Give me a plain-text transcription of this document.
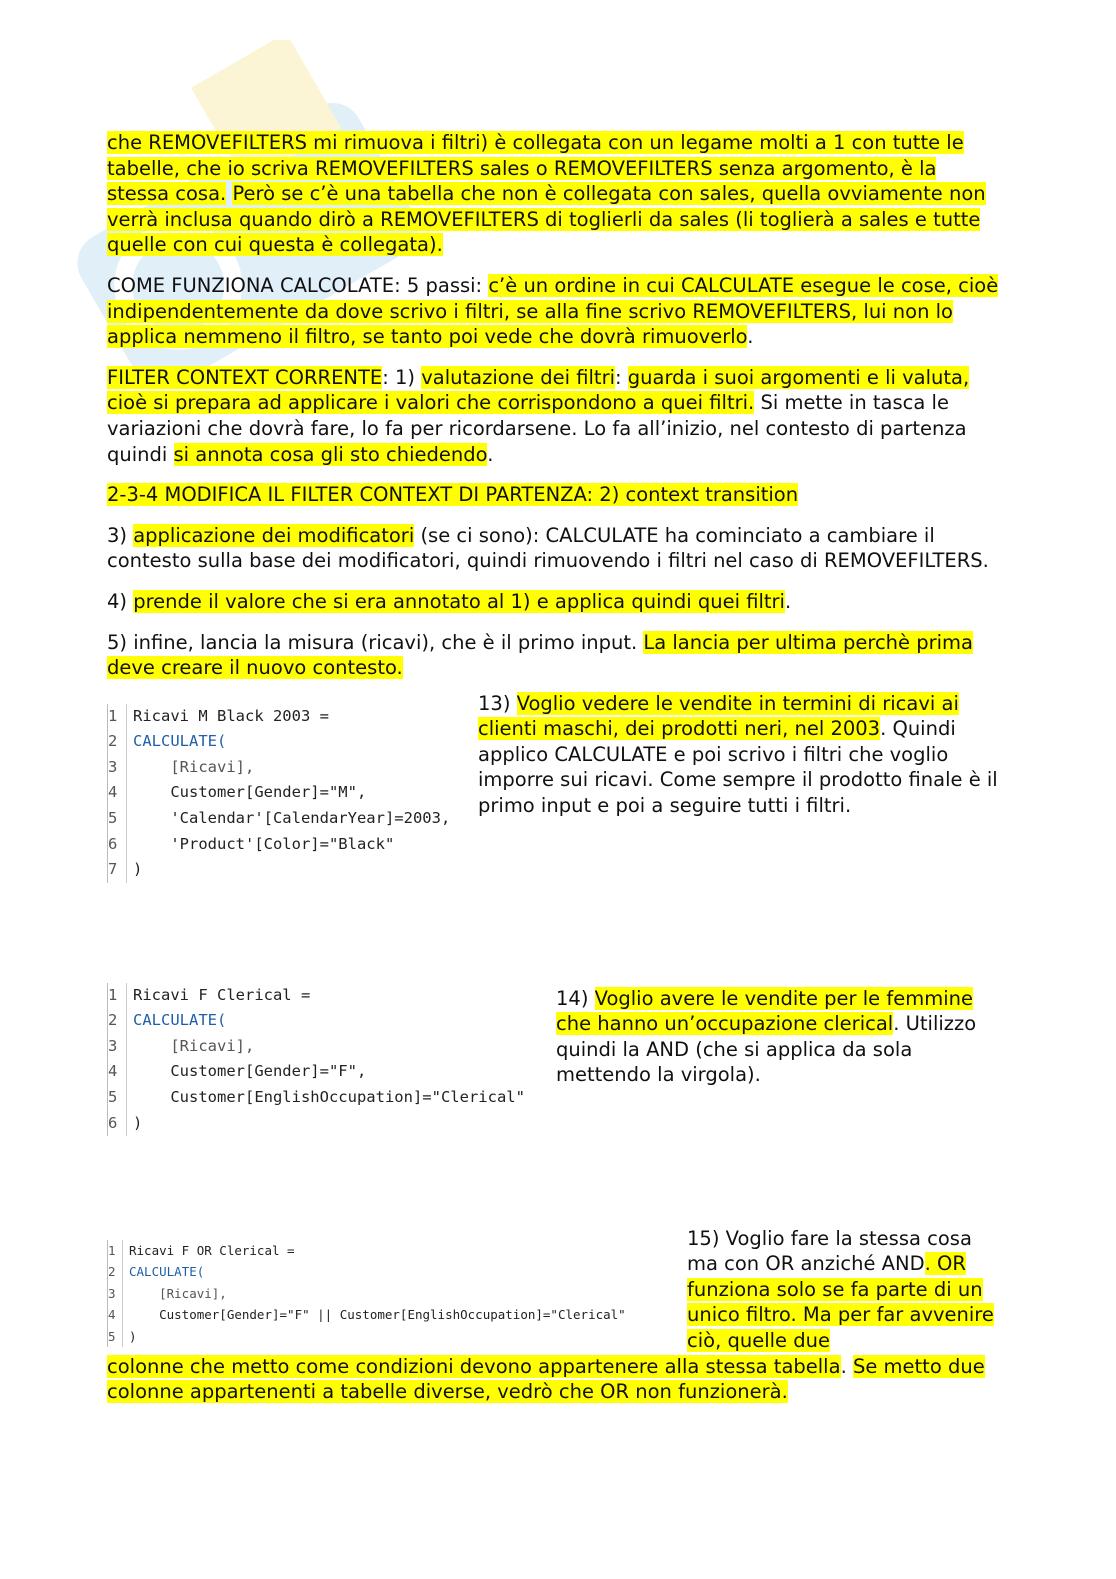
che REMOVEFILTERS mi rimuova i filtri) è collegata con un legame molti a 1 con tutte le tabelle, che io scriva REMOVEFILTERS sales o REMOVEFILTERS senza argomento, è la stessa cosa. Però se c’è una tabella che non è collegata con sales, quella ovviamente non verrà inclusa quando dirò a REMOVEFILTERS di toglierli da sales (li toglierà a sales e tutte quelle con cui questa è collegata).

COME FUNZIONA CALCOLATE: 5 passi: c’è un ordine in cui CALCULATE esegue le cose, cioè indipendentemente da dove scrivo i filtri, se alla fine scrivo REMOVEFILTERS, lui non lo applica nemmeno il filtro, se tanto poi vede che dovrà rimuoverlo.

FILTER CONTEXT CORRENTE: 1) valutazione dei filtri: guarda i suoi argomenti e li valuta, cioè si prepara ad applicare i valori che corrispondono a quei filtri. Si mette in tasca le variazioni che dovrà fare, lo fa per ricordarsene. Lo fa all’inizio, nel contesto di partenza quindi si annota cosa gli sto chiedendo.

2-3-4 MODIFICA IL FILTER CONTEXT DI PARTENZA: 2) context transition

3) applicazione dei modificatori (se ci sono): CALCULATE ha cominciato a cambiare il contesto sulla base dei modificatori, quindi rimuovendo i filtri nel caso di REMOVEFILTERS.

4) prende il valore che si era annotato al 1) e applica quindi quei filtri.

5) infine, lancia la misura (ricavi), che è il primo input. La lancia per ultima perchè prima deve creare il nuovo contesto.

1 Ricavi M Black 2003 =
2 CALCULATE(
3    [Ricavi],
4    Customer[Gender]="M",
5    'Calendar'[CalendarYear]=2003,
6    'Product'[Color]="Black"
7 )
13) Voglio vedere le vendite in termini di ricavi ai clienti maschi, dei prodotti neri, nel 2003. Quindi applico CALCULATE e poi scrivo i filtri che voglio imporre sui ricavi. Come sempre il prodotto finale è il primo input e poi a seguire tutti i filtri.
1 Ricavi F Clerical =
2 CALCULATE(
3    [Ricavi],
4    Customer[Gender]="F",
5    Customer[EnglishOccupation]="Clerical"
6 )
14) Voglio avere le vendite per le femmine che hanno un’occupazione clerical. Utilizzo quindi la AND (che si applica da sola mettendo la virgola).
1 Ricavi F OR Clerical =
2 CALCULATE(
3    [Ricavi],
4    Customer[Gender]="F" || Customer[EnglishOccupation]="Clerical"
5 )
15) Voglio fare la stessa cosa ma con OR anziché AND. OR funziona solo se fa parte di un unico filtro. Ma per far avvenire ciò, quelle due
colonne che metto come condizioni devono appartenere alla stessa tabella. Se metto due colonne appartenenti a tabelle diverse, vedrò che OR non funzionerà.
